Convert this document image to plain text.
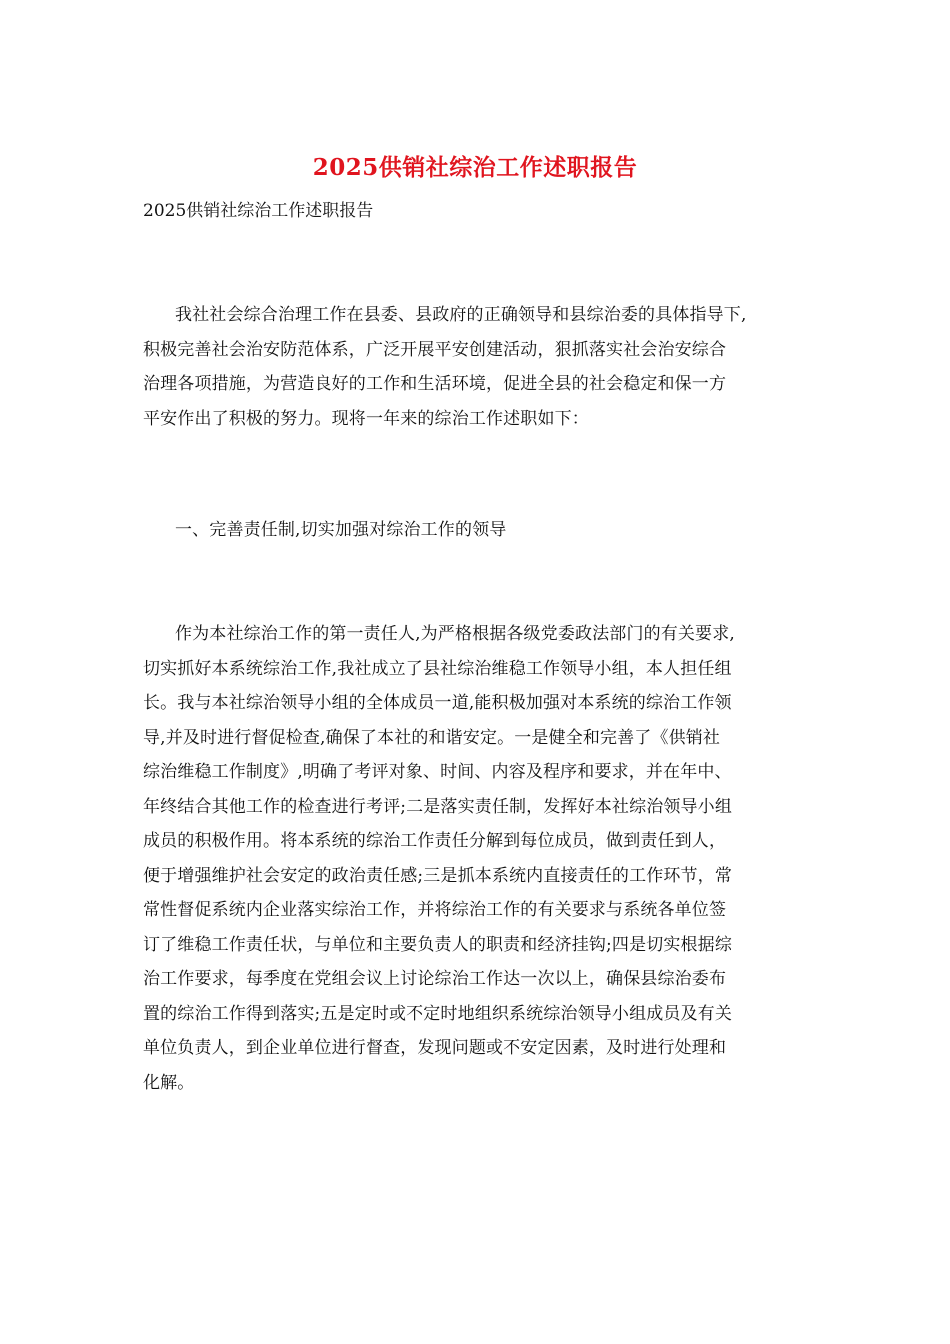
2025供销社综治工作述职报告
2025供销社综治工作述职报告
我社社会综合治理工作在县委、县政府的正确领导和县综治委的具体指导下,
积极完善社会治安防范体系，广泛开展平安创建活动，狠抓落实社会治安综合
治理各项措施，为营造良好的工作和生活环境，促进全县的社会稳定和保一方
平安作出了积极的努力。现将一年来的综治工作述职如下：
一、完善责任制,切实加强对综治工作的领导
作为本社综治工作的第一责任人,为严格根据各级党委政法部门的有关要求,
切实抓好本系统综治工作,我社成立了县社综治维稳工作领导小组，本人担任组
长。我与本社综治领导小组的全体成员一道,能积极加强对本系统的综治工作领
导,并及时进行督促检查,确保了本社的和谐安定。一是健全和完善了《供销社
综治维稳工作制度》,明确了考评对象、时间、内容及程序和要求，并在年中、
年终结合其他工作的检查进行考评;二是落实责任制，发挥好本社综治领导小组
成员的积极作用。将本系统的综治工作责任分解到每位成员，做到责任到人，
便于增强维护社会安定的政治责任感;三是抓本系统内直接责任的工作环节，常
常性督促系统内企业落实综治工作，并将综治工作的有关要求与系统各单位签
订了维稳工作责任状，与单位和主要负责人的职责和经济挂钩;四是切实根据综
治工作要求，每季度在党组会议上讨论综治工作达一次以上，确保县综治委布
置的综治工作得到落实;五是定时或不定时地组织系统综治领导小组成员及有关
单位负责人，到企业单位进行督查，发现问题或不安定因素，及时进行处理和
化解。
